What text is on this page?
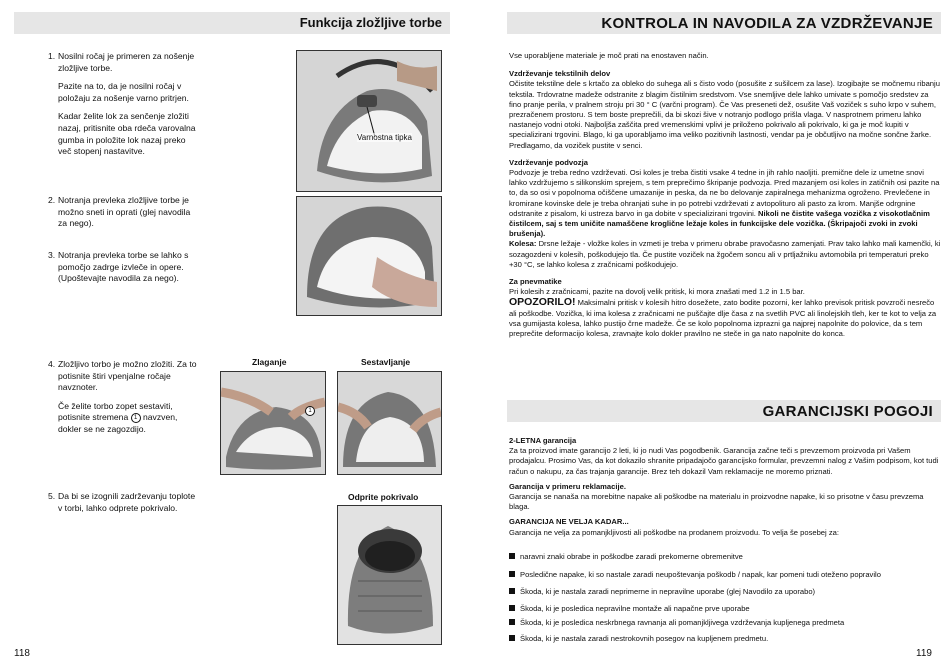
Funkcija zložljive torbe
1. Nosilni ročaj je primeren za nošenje zložljive torbe.

Pazite na to, da je nosilni ročaj v položaju za nošenje varno pritrjen.

Kadar želite lok za senčenje zložiti nazaj, pritisnite oba rdeča varovalna gumba in položite lok nazaj preko več stopenj nastavitve.

2. Notranja prevleka zložljive torbe je možno sneti in oprati (glej navodila za nego).

3. Notranja prevleka torbe se lahko s pomočjo zadrge izvleče in opere. (Upoštevajte navodila za nego).

4. Zložljivo torbo je možno zložiti. Za to potisnite štiri vpenjalne ročaje navznoter.

Če želite torbo zopet sestaviti, potisnite stremena 1 navzven, dokler se ne zagozdijo.

5. Da bi se izognili zadrževanju toplote v torbi, lahko odprete pokrivalo.

Varnostna tipka
Zlaganje	Sestavljanje
1
Odprite pokrivalo
118
KONTROLA IN NAVODILA ZA VZDRŽEVANJE

Vse uporabljene materiale je moč prati na enostaven način.

Vzdrževanje tekstilnih delov

Očistite tekstilne dele s krtačo za obleko do suhega ali s čisto vodo (posušite z sušilcem za lase). Izogibajte se močnemu ribanju tekstila. Trdovratne madeže odstranite z blagim čistilnim sredstvom. Vse snemljive dele lahko umivate s pomočjo sredstev za fino pranje perila, v pralnem stroju pri 30 ° C (varčni program). Če Vas preseneti dež, osušite Vaš voziček s suho krpo v suhem, prezračenem prostoru. S tem boste preprečili, da bi skozi šive v notranjo podlogo prišla vlaga. V nasprotnem primeru lahko nastanejo vodni otoki. Najboljša zaščita pred vremenskimi vplivi je priloženo pokrivalo ali pokrivalo, ki ga je moč kupiti v specializirani trgovini. Blago, ki ga uporabljamo ima veliko pozitivnih lastnosti, vendar pa je občutljivo na močne sončne žarke. Predlagamo, da voziček pustite v senci.

Vzdrževanje podvozja

Podvozje je treba redno vzdrževati. Osi koles je treba čistiti vsake 4 tedne in jih rahlo naoljiti. premične dele iz umetne snovi lahko vzdržujemo s silikonskim sprejem, s tem preprečimo škripanje podvozja. Pred mazanjem osi koles in zatičnih osi pazite na to, da so osi v popolnoma očiščene umazanije in peska, da ne bo delovanje zapiralnega mehanizma ogroženo. Prevlečene in kromirane kovinske dele je treba ohranjati suhe in po potrebi vzdrževati z avtopolituro ali pasto za krom. Manjše odrgnine odstranite z pisalom, ki ustreza barvo in ga dobite v specializirani trgovini. Nikoli ne čistite vašega vozička z visokotlačnim čistilcem, saj s tem uničite namaščene kroglične ležaje koles in funkcijske dele vozička. (Škripajoči zvoki in zvoki brušenja).

Kolesa: Drsne ležaje - vložke koles in vzmeti je treba v primeru obrabe pravočasno zamenjati. Prav tako lahko mali kamenčki, ki sozagozdeni v kolesih, poškodujejo tla. Če pustite voziček na žgočem soncu ali v prtljažniku avtomobila pri temperaturi preko +30 °C, se lahko kolesa z zračnicami poškodujejo.

Za pnevmatike

Pri kolesih z zračnicami, pazite na dovolj velik pritisk, ki mora znašati med 1.2 in 1.5 bar.

OPOZORILO! Maksimalni pritisk v kolesih hitro dosežete, zato bodite pozorni, ker lahko previsok pritisk povzroči nesrečo ali poškodbe. Vozička, ki ima kolesa z zračnicami ne puščajte dlje časa z na svetlih PVC ali linolejskih tleh, ker te kot to velja za vsa gumijasta kolesa, lahko pustijo črne madeže. Če se kolo popolnoma izprazni ga najprej napolnite do polovice, da s tem preprečite deformacijo kolesa, zravnajte kolo dokler pravilno ne steče in ga nato napolnite do konca.

GARANCIJSKI POGOJI

2-LETNA garancija

Za ta proizvod imate garancijo 2 leti, ki jo nudi Vas pogodbenik. Garancija začne teči s prevzemom proizvoda pri Vašem prodajalcu. Prosimo Vas, da kot dokazilo shranite pripadajočo garancijsko formular, prevzemni nalog z Vašim podpisom, kot tudi račun o nakupu, za čas trajanja garancije. Brez teh dokazil Vam reklamacije ne moremo priznati.

Garancija v primeru reklamacije.

Garancija se nanaša na morebitne napake ali poškodbe na materialu in proizvodne napake, ki so prisotne v času prevzema blaga.

GARANCIJA NE VELJA KADAR...

Garancija ne velja za pomanjkljivosti ali poškodbe na prodanem proizvodu. To velja še posebej za:

naravni znaki obrabe in poškodbe zaradi prekomerne obremenitve
Posledične napake, ki so nastale zaradi neupoštevanja poškodb / napak, kar pomeni tudi oteženo popravilo
Škoda, ki je nastala zaradi neprimerne in nepravilne uporabe (glej Navodilo za uporabo)
Škoda, ki je posledica nepravilne montaže ali napačne prve uporabe
Škoda, ki je posledica neskrbnega ravnanja ali pomanjkljivega vzdrževanja kupljenega predmeta
Škoda, ki je nastala zaradi nestrokovnih posegov na kupljenem predmetu.
119
